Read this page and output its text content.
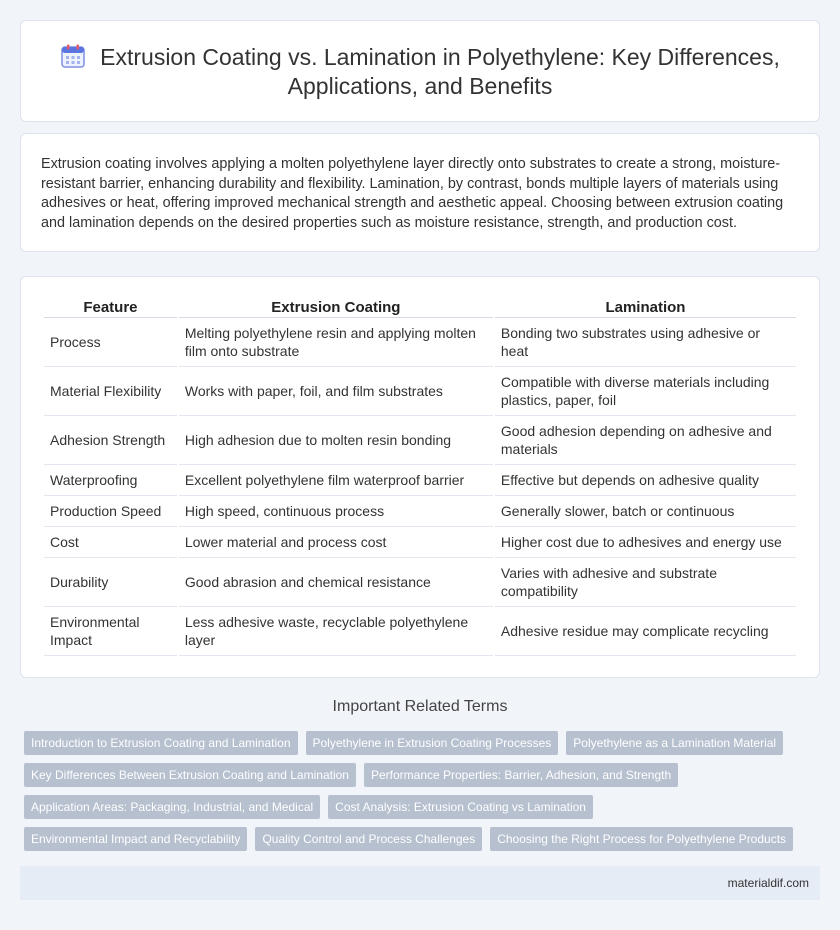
Extrusion Coating vs. Lamination in Polyethylene: Key Differences,
Applications, and Benefits

Extrusion coating involves applying a molten polyethylene layer directly onto substrates to create a strong, moisture-resistant barrier, enhancing durability and flexibility. Lamination, by contrast, bonds multiple layers of materials using adhesives or heat, offering improved mechanical strength and aesthetic appeal. Choosing between extrusion coating and lamination depends on the desired properties such as moisture resistance, strength, and production cost.

Feature	Extrusion Coating	Lamination
Process	Melting polyethylene resin and applying molten film onto substrate	Bonding two substrates using adhesive or heat
Material Flexibility	Works with paper, foil, and film substrates	Compatible with diverse materials including plastics, paper, foil
Adhesion Strength	High adhesion due to molten resin bonding	Good adhesion depending on adhesive and materials
Waterproofing	Excellent polyethylene film waterproof barrier	Effective but depends on adhesive quality
Production Speed	High speed, continuous process	Generally slower, batch or continuous
Cost	Lower material and process cost	Higher cost due to adhesives and energy use
Durability	Good abrasion and chemical resistance	Varies with adhesive and substrate compatibility
Environmental Impact	Less adhesive waste, recyclable polyethylene layer	Adhesive residue may complicate recycling
Important Related Terms
Introduction to Extrusion Coating and Lamination	Polyethylene in Extrusion Coating Processes	Polyethylene as a Lamination Material
Key Differences Between Extrusion Coating and Lamination	Performance Properties: Barrier, Adhesion, and Strength
Application Areas: Packaging, Industrial, and Medical	Cost Analysis: Extrusion Coating vs Lamination
Environmental Impact and Recyclability	Quality Control and Process Challenges	Choosing the Right Process for Polyethylene Products
materialdif.com
